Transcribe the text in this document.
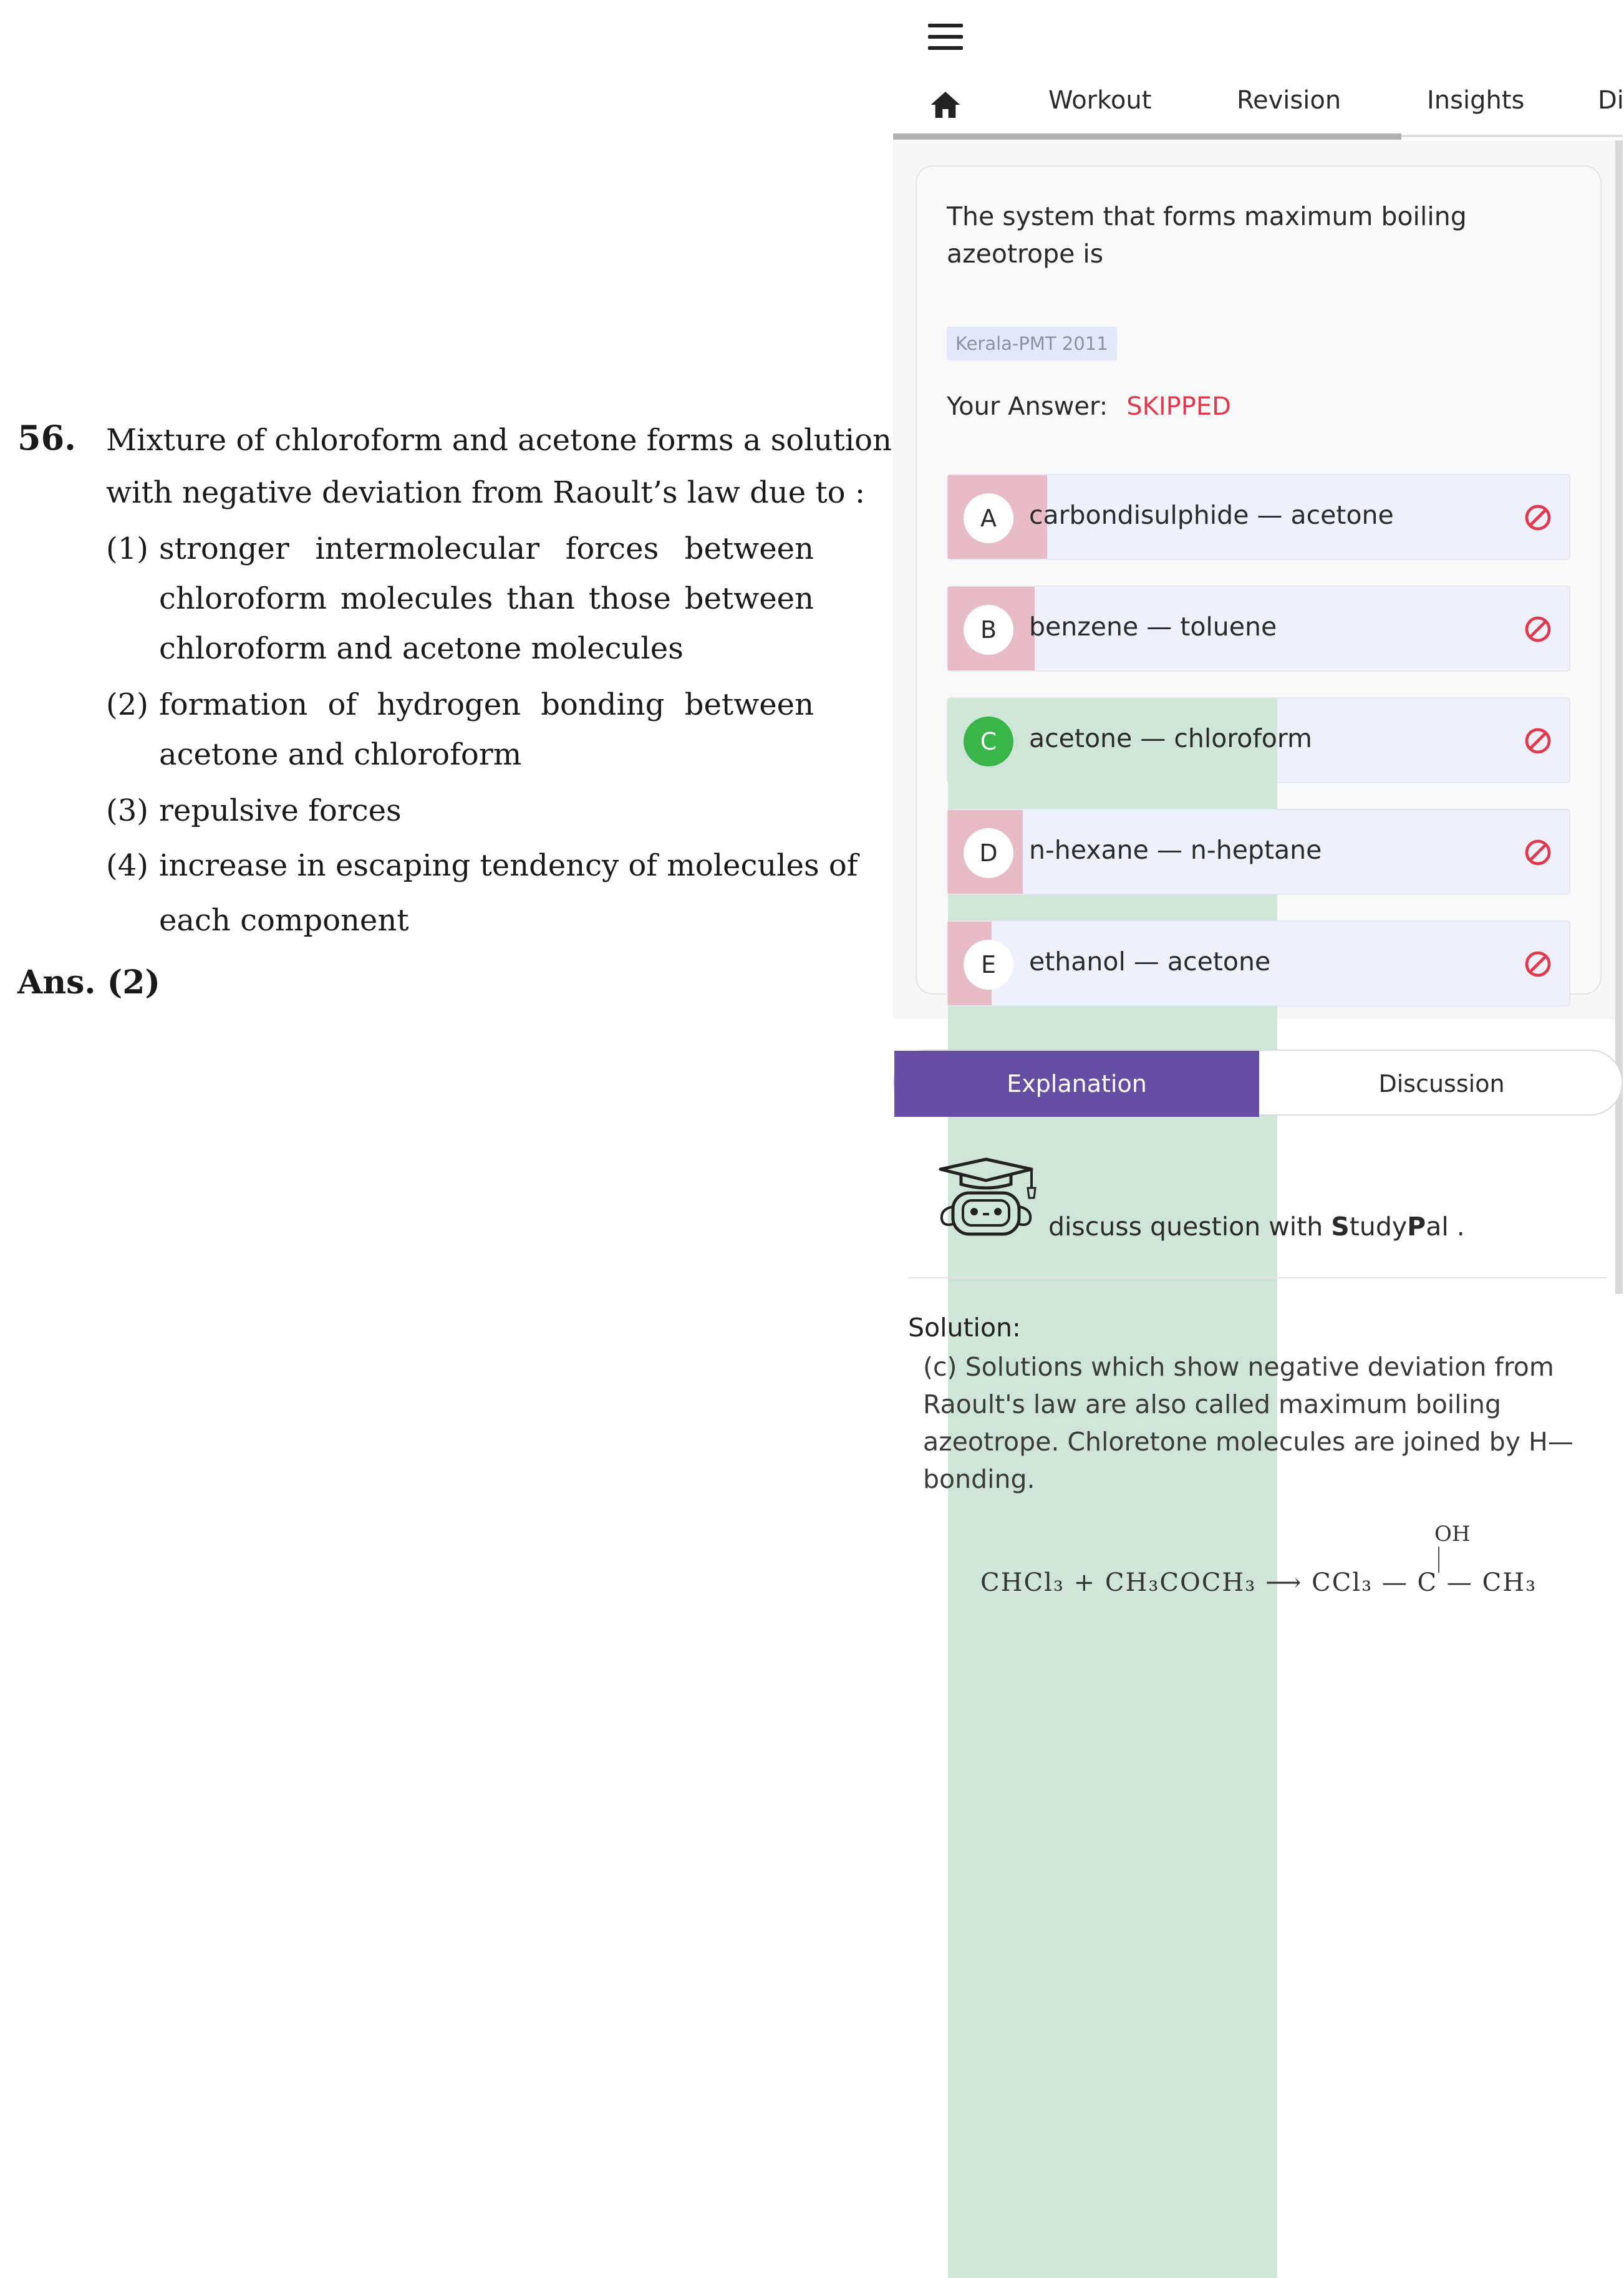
56. Mixture of chloroform and acetone forms a solution
with negative deviation from Raoult’s law due to :
(1) stronger intermolecular forces between
chloroform molecules than those between
chloroform and acetone molecules
(2) formation of hydrogen bonding between
acetone and chloroform
(3) repulsive forces
(4) increase in escaping tendency of molecules of
each component
Ans. (2)
Workout	Revision	Insights	Di
The system that forms maximum boiling azeotrope is
Kerala-PMT 2011
Your Answer: SKIPPED
A	carbondisulphide — acetone
B	benzene — toluene
C	acetone — chloroform
D	n-hexane — n-heptane
E	ethanol — acetone
Explanation	Discussion
discuss question with StudyPal .
Solution:
(c) Solutions which show negative deviation from Raoult's law are also called maximum boiling azeotrope. Chloretone molecules are joined by H—bonding.
OH
CHCl₃ + CH₃COCH₃ ⟶ CCl₃ — C — CH₃
